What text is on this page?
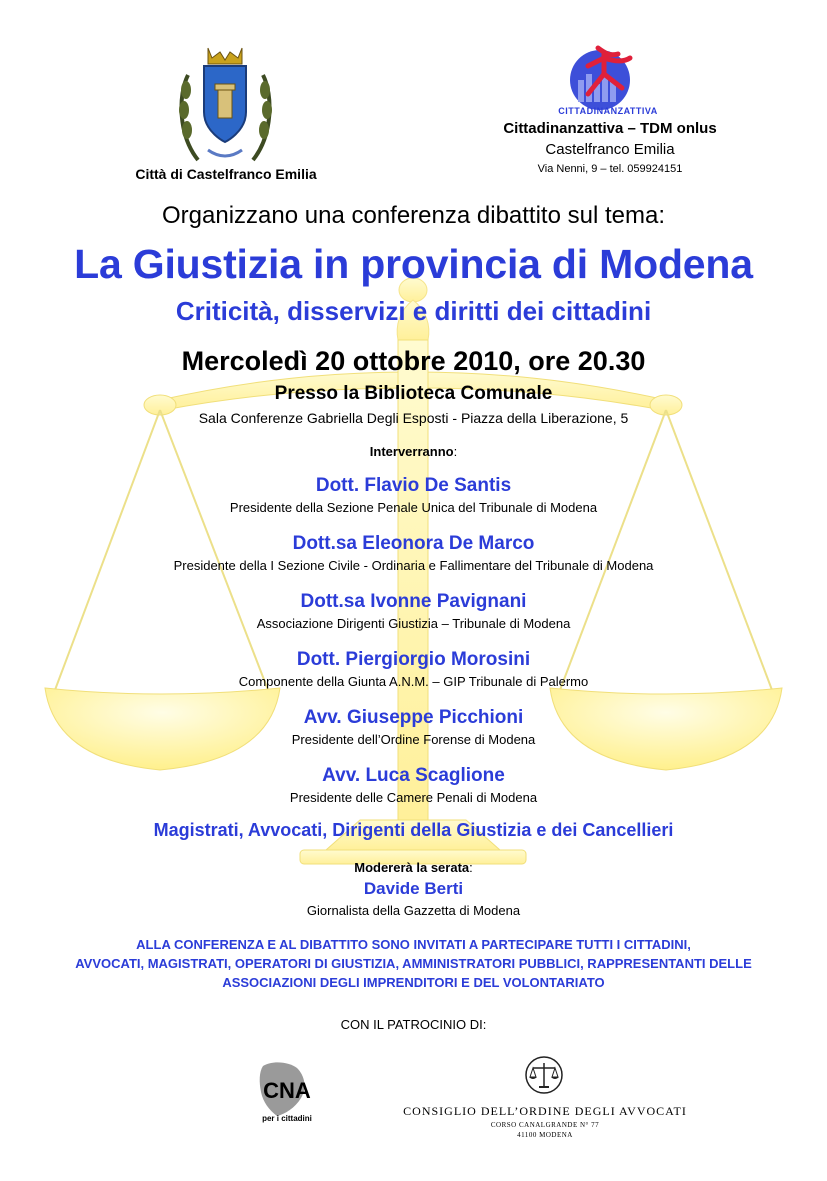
Città di Castelfranco Emilia
CITTADINANZATTIVA
Cittadinanzattiva – TDM onlus
Castelfranco Emilia
Via Nenni, 9 – tel. 059924151
Organizzano una conferenza dibattito sul tema:
La Giustizia in provincia di Modena
Criticità, disservizi e diritti dei cittadini
Mercoledì 20 ottobre 2010, ore 20.30
Presso la Biblioteca Comunale
Sala Conferenze Gabriella Degli Esposti - Piazza della Liberazione, 5
Interverranno:
Dott. Flavio De Santis
Presidente della Sezione Penale Unica del Tribunale di Modena
Dott.sa Eleonora De Marco
Presidente della I Sezione Civile - Ordinaria e Fallimentare del Tribunale di Modena
Dott.sa Ivonne Pavignani
Associazione Dirigenti Giustizia – Tribunale di Modena
Dott. Piergiorgio Morosini
Componente della Giunta A.N.M. – GIP Tribunale di Palermo
Avv. Giuseppe Picchioni
Presidente dell’Ordine Forense di Modena
Avv. Luca Scaglione
Presidente delle Camere Penali di Modena
Magistrati, Avvocati, Dirigenti della Giustizia e dei Cancellieri
Modererà la serata:
Davide Berti
Giornalista della Gazzetta di Modena
ALLA CONFERENZA E AL DIBATTITO SONO INVITATI A PARTECIPARE TUTTI I CITTADINI,
AVVOCATI, MAGISTRATI, OPERATORI DI GIUSTIZIA, AMMINISTRATORI PUBBLICI, RAPPRESENTANTI DELLE
ASSOCIAZIONI DEGLI IMPRENDITORI E DEL VOLONTARIATO
CON IL PATROCINIO DI:
CNA
per i cittadini
CONSIGLIO DELL’ORDINE DEGLI AVVOCATI
CORSO CANALGRANDE N° 77
41100 MODENA
